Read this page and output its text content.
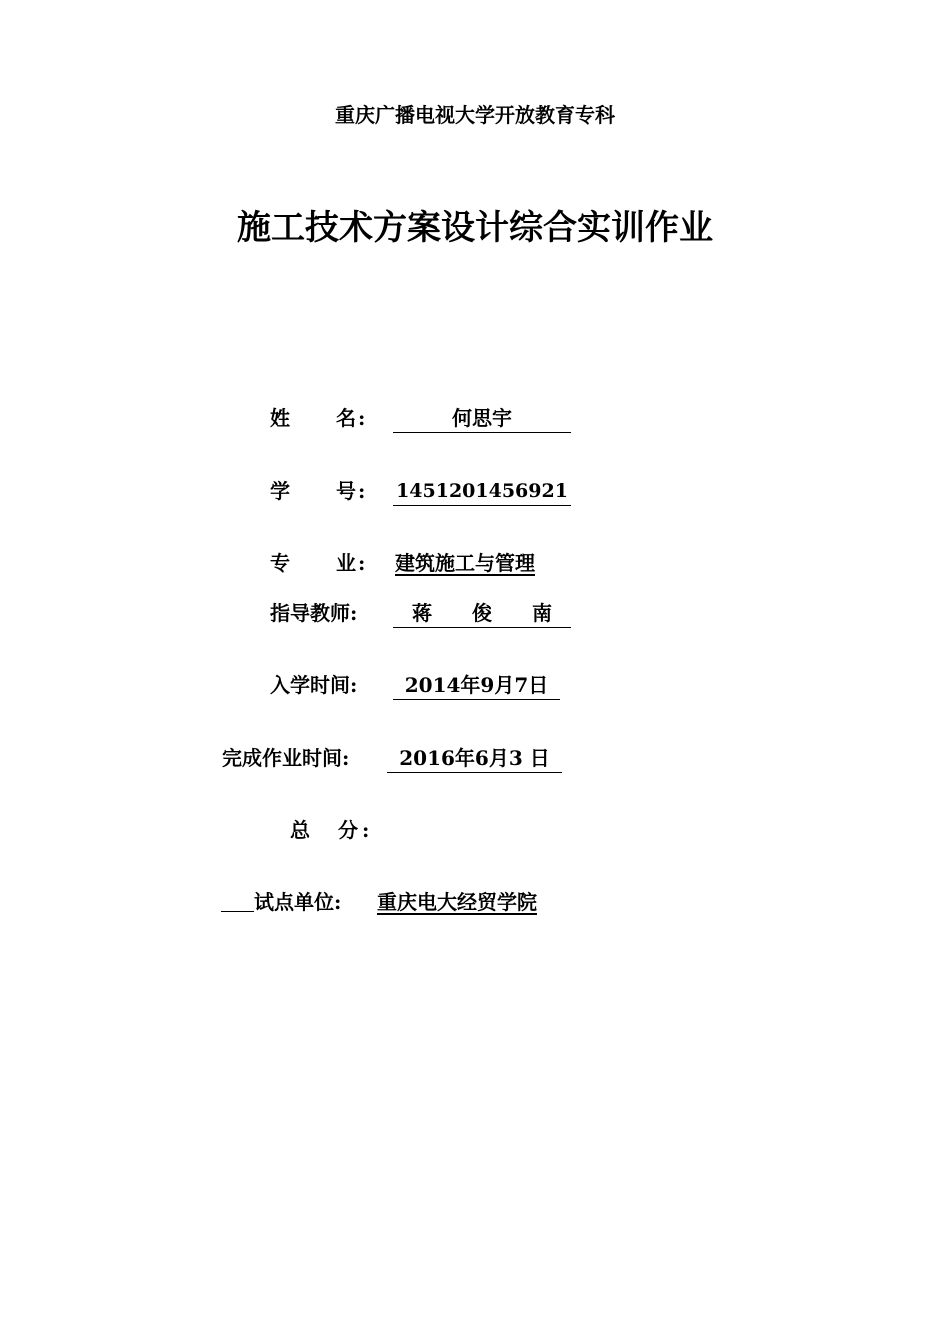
重庆广播电视大学开放教育专科
施工技术方案设计综合实训作业
姓　　名:	何思宇
学　　号: 1451201456921
专　　业: 建筑施工与管理
指导教师:	蒋　　俊　　南
入学时间:	2014年9月7日
完成作业时间:	2016年6月3 日
总　分:
试点单位: 重庆电大经贸学院
